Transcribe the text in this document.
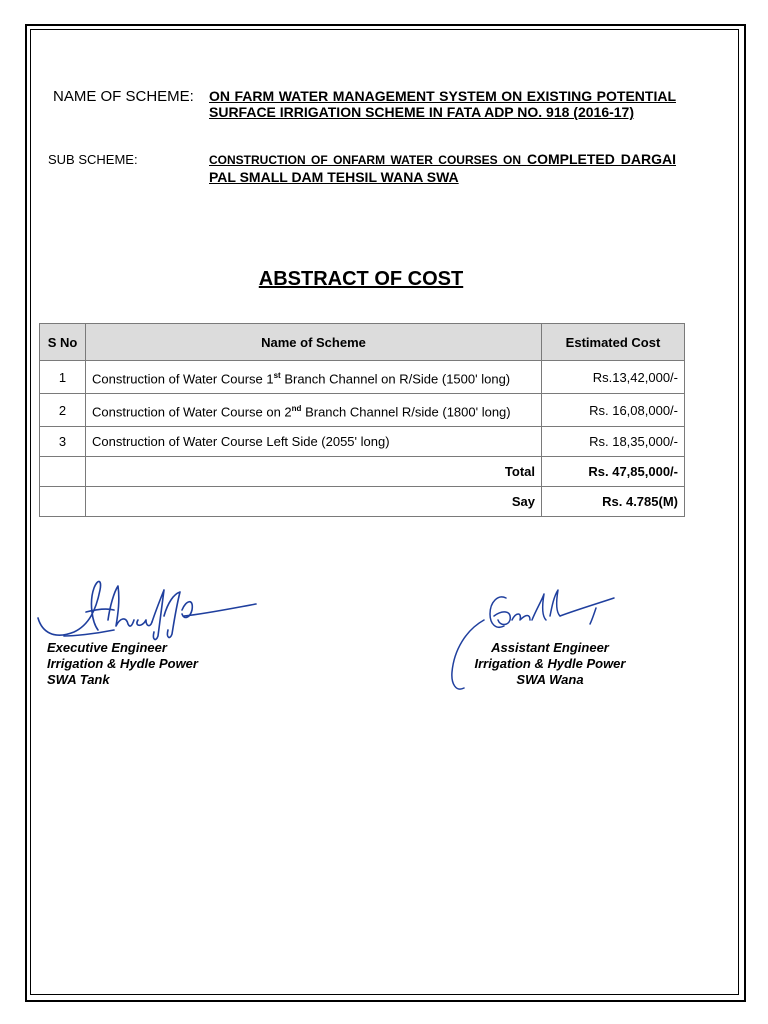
NAME OF SCHEME: ON FARM WATER MANAGEMENT SYSTEM ON EXISTING POTENTIAL SURFACE IRRIGATION SCHEME IN FATA ADP NO. 918 (2016-17)
SUB SCHEME:	CONSTRUCTION OF ONFARM WATER COURSES ON COMPLETED DARGAI PAL SMALL DAM TEHSIL WANA SWA
ABSTRACT OF COST
S No	Name of Scheme	Estimated Cost
1	Construction of Water Course 1st Branch Channel on R/Side (1500' long)	Rs.13,42,000/-
2	Construction of Water Course on 2nd Branch Channel R/side (1800' long)	Rs. 16,08,000/-
3	Construction of Water Course Left Side (2055' long)	Rs. 18,35,000/-
	Total	Rs. 47,85,000/-
	Say	Rs. 4.785(M)
Executive Engineer
Irrigation & Hydle Power
SWA Tank
Assistant Engineer
Irrigation & Hydle Power
SWA Wana
